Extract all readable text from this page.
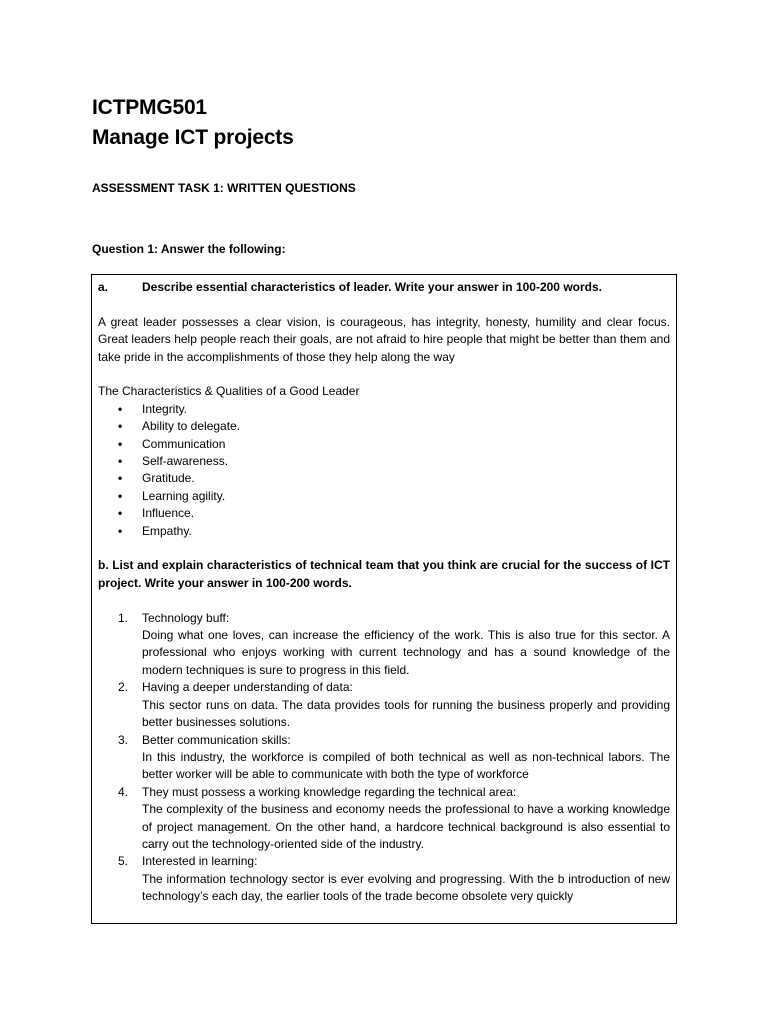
ICTPMG501
Manage ICT projects
ASSESSMENT TASK 1: WRITTEN QUESTIONS
Question 1: Answer the following:
a.	Describe essential characteristics of leader. Write your answer in 100-200 words.
A great leader possesses a clear vision, is courageous, has integrity, honesty, humility and clear focus. Great leaders help people reach their goals, are not afraid to hire people that might be better than them and take pride in the accomplishments of those they help along the way
The Characteristics & Qualities of a Good Leader
•	Integrity.
•	Ability to delegate.
•	Communication
•	Self-awareness.
•	Gratitude.
•	Learning agility.
•	Influence.
•	Empathy.
b. List and explain characteristics of technical team that you think are crucial for the success of ICT project. Write your answer in 100-200 words.
1.	Technology buff:
Doing what one loves, can increase the efficiency of the work. This is also true for this sector. A professional who enjoys working with current technology and has a sound knowledge of the modern techniques is sure to progress in this field.
2.	Having a deeper understanding of data:
This sector runs on data. The data provides tools for running the business properly and providing better businesses solutions.
3.	Better communication skills:
In this industry, the workforce is compiled of both technical as well as non-technical labors. The better worker will be able to communicate with both the type of workforce
4.	They must possess a working knowledge regarding the technical area:
The complexity of the business and economy needs the professional to have a working knowledge of project management. On the other hand, a hardcore technical background is also essential to carry out the technology-oriented side of the industry.
5.	Interested in learning:
The information technology sector is ever evolving and progressing. With the b introduction of new technology’s each day, the earlier tools of the trade become obsolete very quickly
